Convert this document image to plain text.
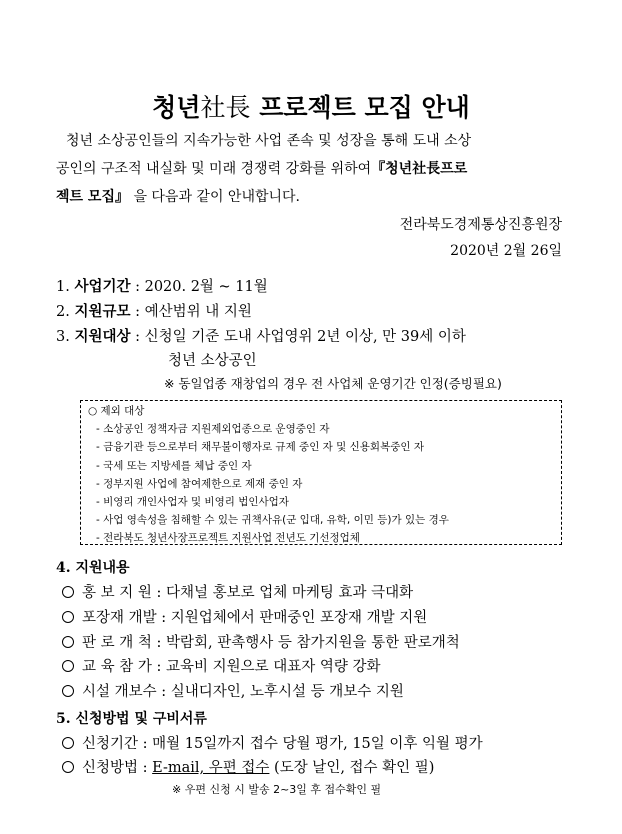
청년社長 프로젝트 모집 안내
청년 소상공인들의 지속가능한 사업 존속 및 성장을 통해 도내 소상
공인의 구조적 내실화 및 미래 경쟁력 강화를 위하여『청년社長프로
젝트 모집』 을 다음과 같이 안내합니다.
전라북도경제통상진흥원장
2020년 2월 26일
1. 사업기간 : 2020. 2월 ~ 11월
2. 지원규모 : 예산범위 내 지원
3. 지원대상 : 신청일 기준 도내 사업영위 2년 이상, 만 39세 이하
청년 소상공인
※ 동일업종 재창업의 경우 전 사업체 운영기간 인정(증빙필요)
○ 제외 대상
- 소상공인 정책자금 지원제외업종으로 운영중인 자
- 금융기관 등으로부터 채무불이행자로 규제 중인 자 및 신용회복중인 자
- 국세 또는 지방세를 체납 중인 자
- 정부지원 사업에 참여제한으로 제재 중인 자
- 비영리 개인사업자 및 비영리 법인사업자
- 사업 영속성을 침해할 수 있는 귀책사유(군 입대, 유학, 이민 등)가 있는 경우
- 전라북도 청년사장프로젝트 지원사업 전년도 기선정업체
4. 지원내용
홍 보 지 원 : 다채널 홍보로 업체 마케팅 효과 극대화
포장재 개발 : 지원업체에서 판매중인 포장재 개발 지원
판 로 개 척 : 박람회, 판촉행사 등 참가지원을 통한 판로개척
교 육 참 가 : 교육비 지원으로 대표자 역량 강화
시설 개보수 : 실내디자인, 노후시설 등 개보수 지원
5. 신청방법 및 구비서류
신청기간 : 매월 15일까지 접수 당월 평가, 15일 이후 익월 평가
신청방법 : E-mail, 우편 접수 (도장 날인, 접수 확인 필)
※ 우편 신청 시 발송 2~3일 후 접수확인 필
